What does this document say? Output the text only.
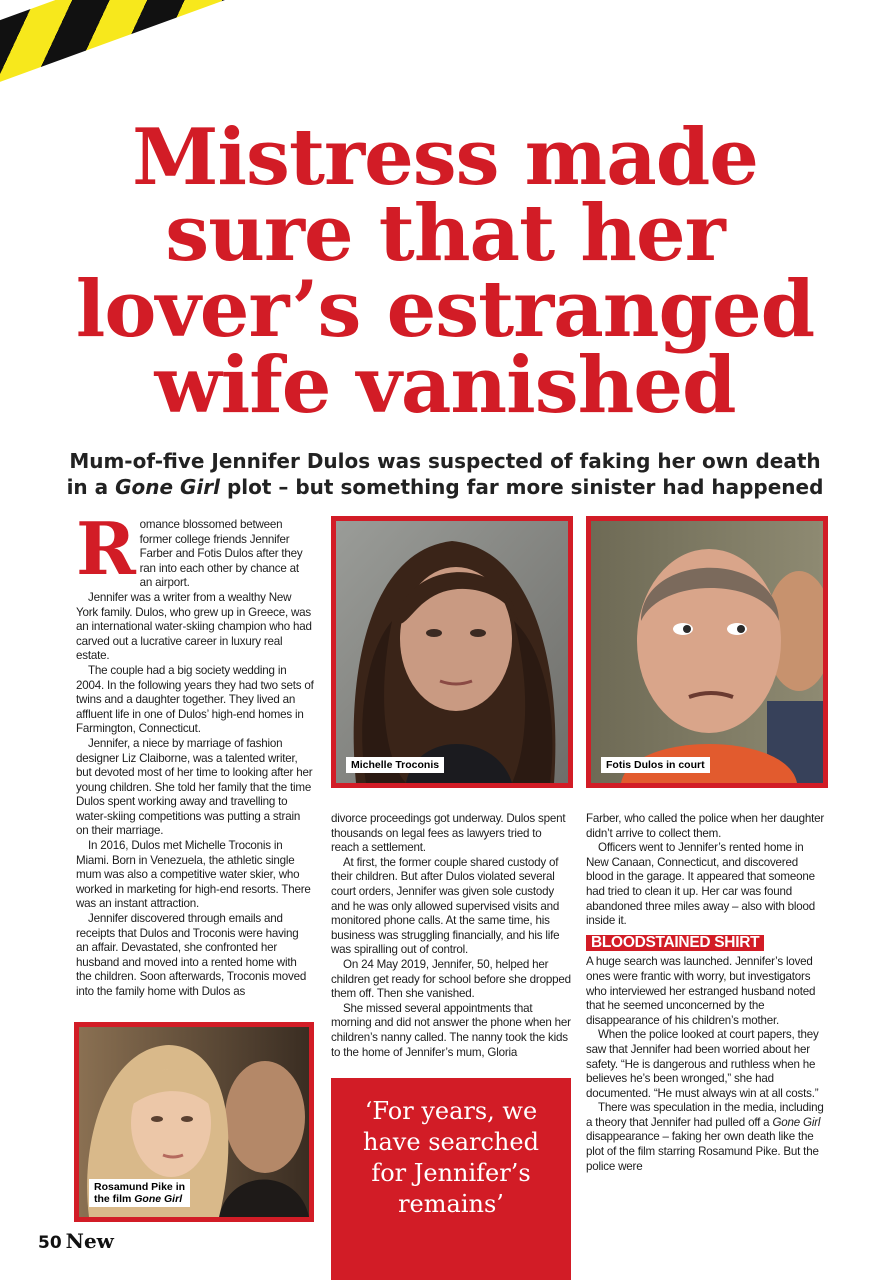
Mistress made
sure that her
lover’s estranged
wife vanished

Mum-of-five Jennifer Dulos was suspected of faking her own death
in a Gone Girl plot – but something far more sinister had happened

Romance blossomed between former college friends Jennifer Farber and Fotis Dulos after they ran into each other by chance at an airport.

Jennifer was a writer from a wealthy New York family. Dulos, who grew up in Greece, was an international water-skiing champion who had carved out a lucrative career in luxury real estate.

The couple had a big society wedding in 2004. In the following years they had two sets of twins and a daughter together. They lived an affluent life in one of Dulos’ high-end homes in Farmington, Connecticut.

Jennifer, a niece by marriage of fashion designer Liz Claiborne, was a talented writer, but devoted most of her time to looking after her young children. She told her family that the time Dulos spent working away and travelling to water-skiing competitions was putting a strain on their marriage.

In 2016, Dulos met Michelle Troconis in Miami. Born in Venezuela, the athletic single mum was also a competitive water skier, who worked in marketing for high-end resorts. There was an instant attraction.

Jennifer discovered through emails and receipts that Dulos and Troconis were having an affair. Devastated, she confronted her husband and moved into a rented home with the children. Soon afterwards, Troconis moved into the family home with Dulos as

Michelle Troconis	Fotis Dulos in court
Rosamund Pike in
the film Gone Girl

divorce proceedings got underway. Dulos spent thousands on legal fees as lawyers tried to reach a settlement.

At first, the former couple shared custody of their children. But after Dulos violated several court orders, Jennifer was given sole custody and he was only allowed supervised visits and monitored phone calls. At the same time, his business was struggling financially, and his life was spiralling out of control.

On 24 May 2019, Jennifer, 50, helped her children get ready for school before she dropped them off. Then she vanished.

She missed several appointments that morning and did not answer the phone when her children’s nanny called. The nanny took the kids to the home of Jennifer’s mum, Gloria

‘For years, we
have searched
for Jennifer’s
remains’

Farber, who called the police when her daughter didn’t arrive to collect them.

Officers went to Jennifer’s rented home in New Canaan, Connecticut, and discovered blood in the garage. It appeared that someone had tried to clean it up. Her car was found abandoned three miles away – also with blood inside it.

BLOODSTAINED SHIRT

A huge search was launched. Jennifer’s loved ones were frantic with worry, but investigators who interviewed her estranged husband noted that he seemed unconcerned by the disappearance of his children’s mother.

When the police looked at court papers, they saw that Jennifer had been worried about her safety. “He is dangerous and ruthless when he believes he’s been wronged,” she had documented. “He must always win at all costs.”

There was speculation in the media, including a theory that Jennifer had pulled off a Gone Girl disappearance – faking her own death like the plot of the film starring Rosamund Pike. But the police were

50 New
